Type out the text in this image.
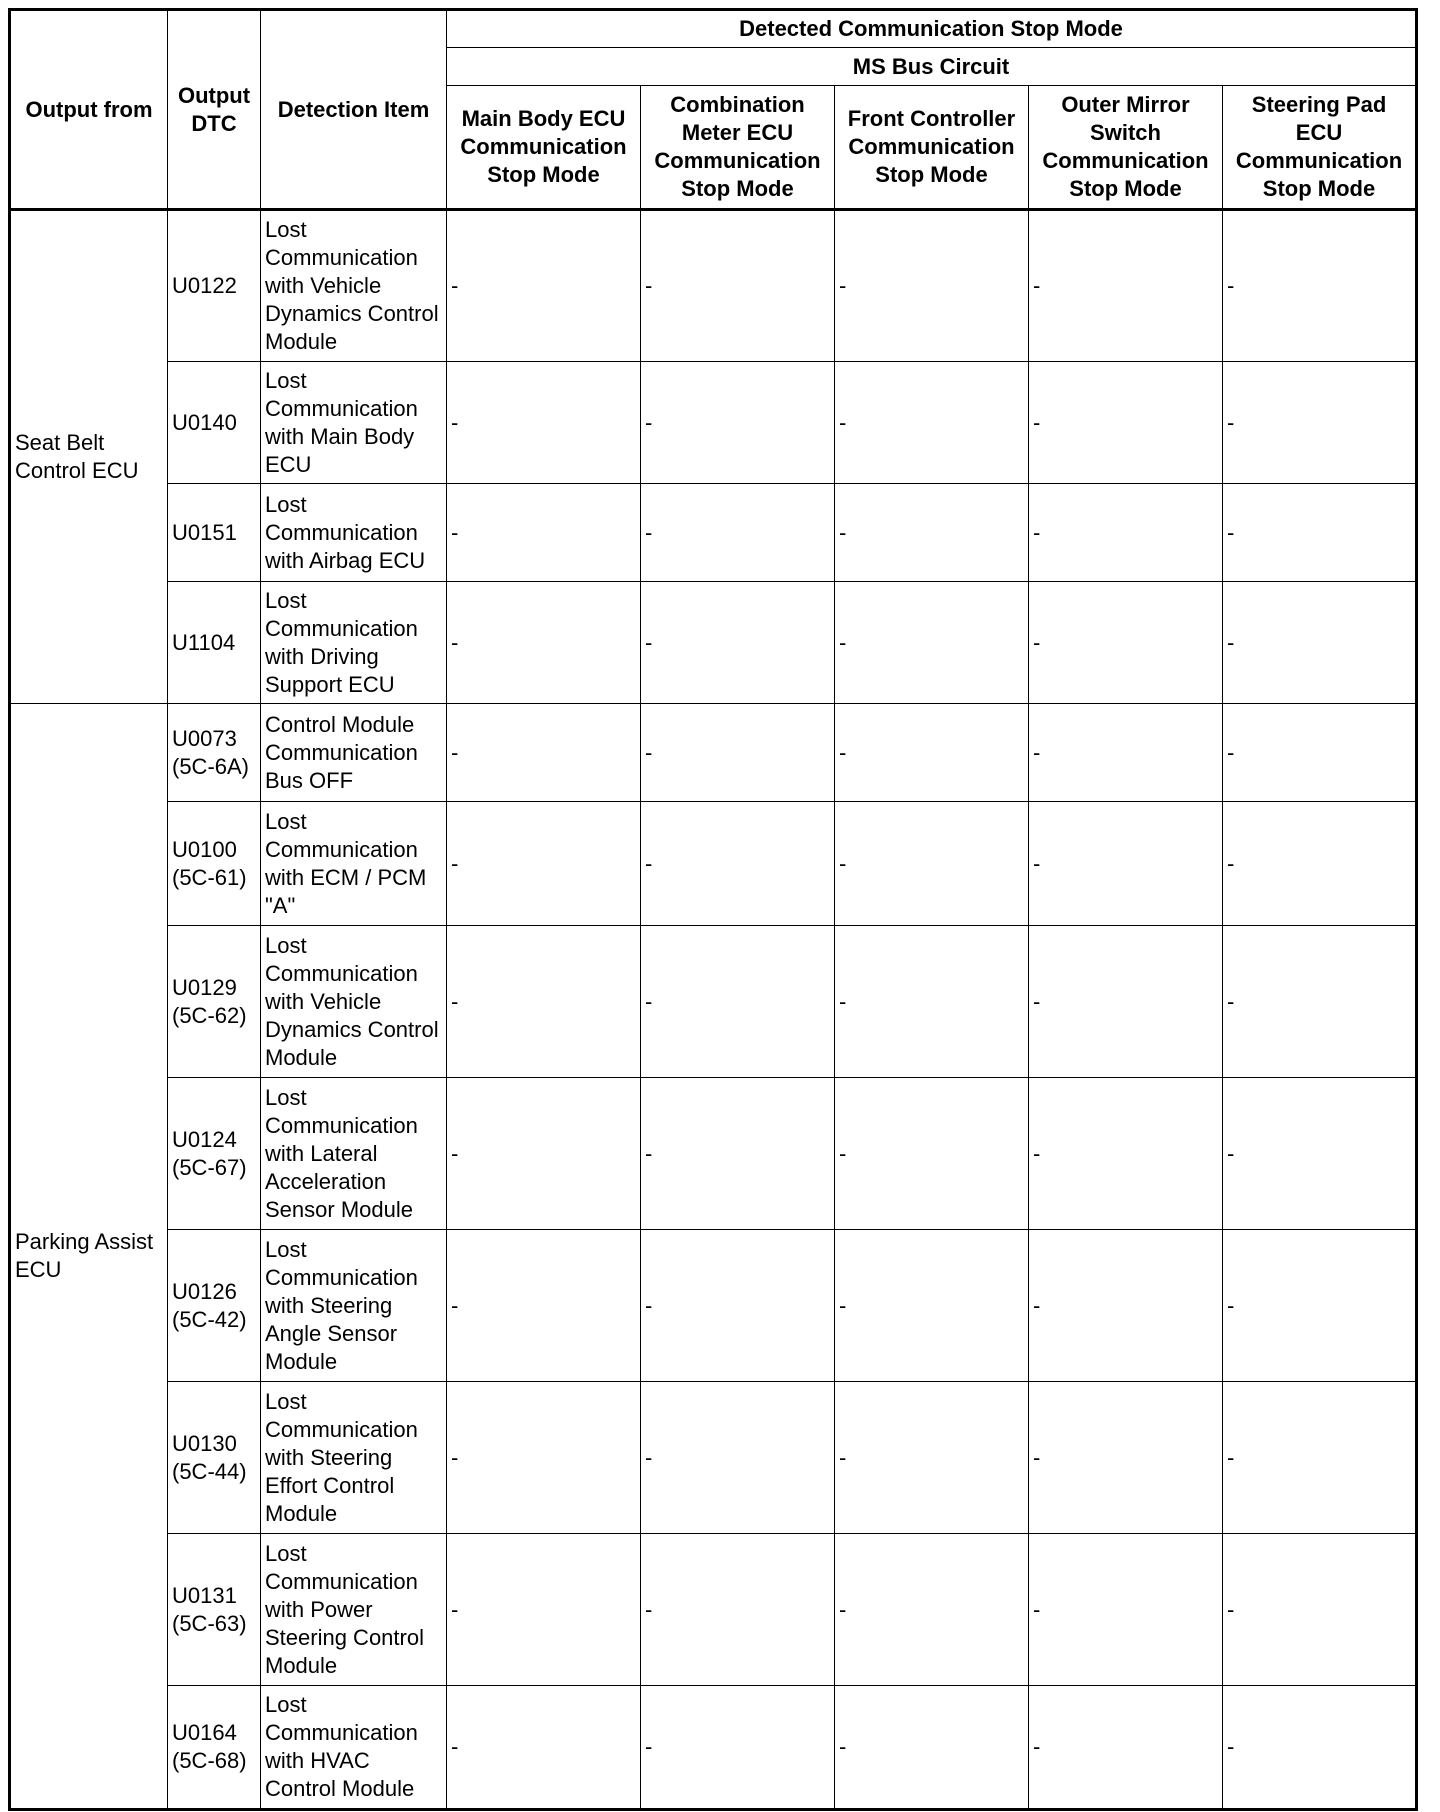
Output from	Output DTC	Detection Item	Detected Communication Stop Mode				
			MS Bus Circuit				
			Main Body ECU Communication Stop Mode	Combination Meter ECU Communication Stop Mode	Front Controller Communication Stop Mode	Outer Mirror Switch Communication Stop Mode	Steering Pad ECU Communication Stop Mode
Seat Belt Control ECU	U0122	Lost Communication with Vehicle Dynamics Control Module	-	-	-	-	-
	U0140	Lost Communication with Main Body ECU	-	-	-	-	-
	U0151	Lost Communication with Airbag ECU	-	-	-	-	-
	U1104	Lost Communication with Driving Support ECU	-	-	-	-	-
Parking Assist ECU	U0073 (5C-6A)	Control Module Communication Bus OFF	-	-	-	-	-
	U0100 (5C-61)	Lost Communication with ECM / PCM "A"	-	-	-	-	-
	U0129 (5C-62)	Lost Communication with Vehicle Dynamics Control Module	-	-	-	-	-
	U0124 (5C-67)	Lost Communication with Lateral Acceleration Sensor Module	-	-	-	-	-
	U0126 (5C-42)	Lost Communication with Steering Angle Sensor Module	-	-	-	-	-
	U0130 (5C-44)	Lost Communication with Steering Effort Control Module	-	-	-	-	-
	U0131 (5C-63)	Lost Communication with Power Steering Control Module	-	-	-	-	-
	U0164 (5C-68)	Lost Communication with HVAC Control Module	-	-	-	-	-
